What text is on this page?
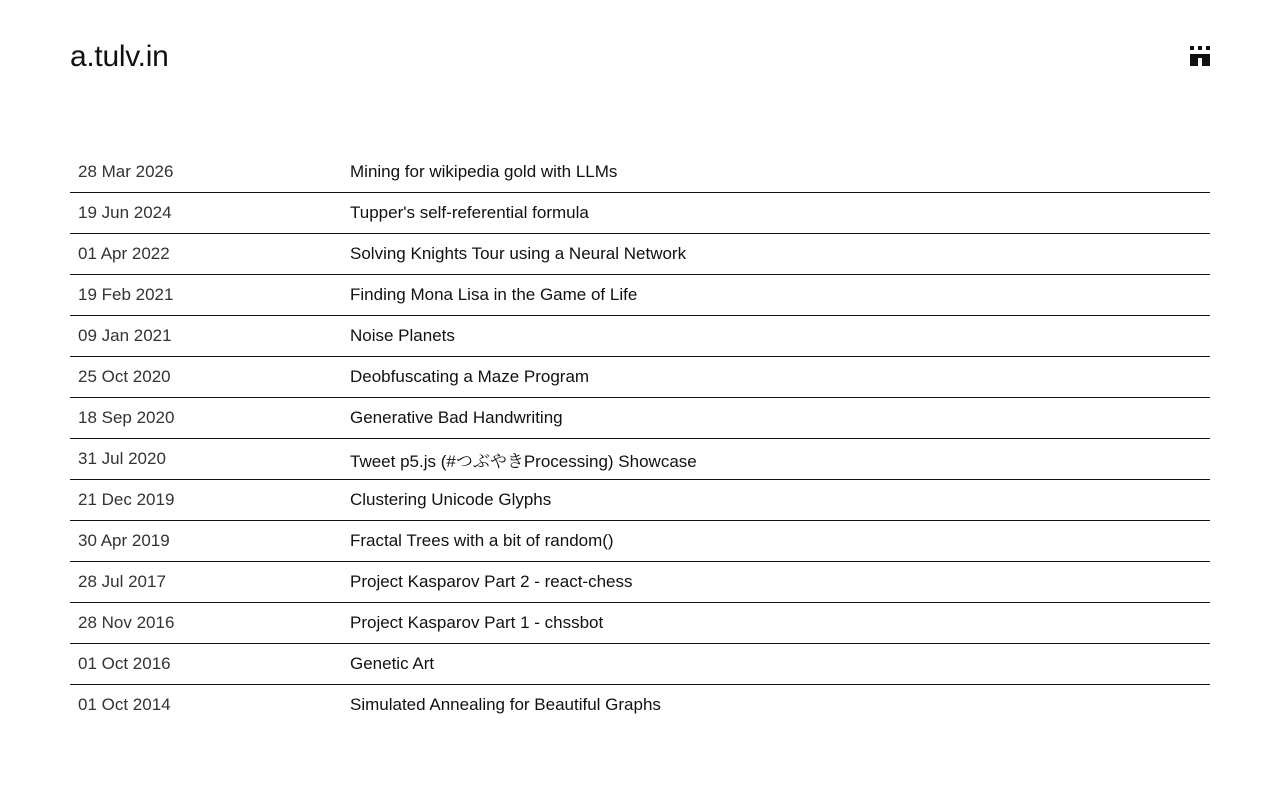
a.tulv.in
28 Mar 2026	Mining for wikipedia gold with LLMs
19 Jun 2024	Tupper's self-referential formula
01 Apr 2022	Solving Knights Tour using a Neural Network
19 Feb 2021	Finding Mona Lisa in the Game of Life
09 Jan 2021	Noise Planets
25 Oct 2020	Deobfuscating a Maze Program
18 Sep 2020	Generative Bad Handwriting
31 Jul 2020	Tweet p5.js (#つぶやきProcessing) Showcase
21 Dec 2019	Clustering Unicode Glyphs
30 Apr 2019	Fractal Trees with a bit of random()
28 Jul 2017	Project Kasparov Part 2 - react-chess
28 Nov 2016	Project Kasparov Part 1 - chssbot
01 Oct 2016	Genetic Art
01 Oct 2014	Simulated Annealing for Beautiful Graphs
